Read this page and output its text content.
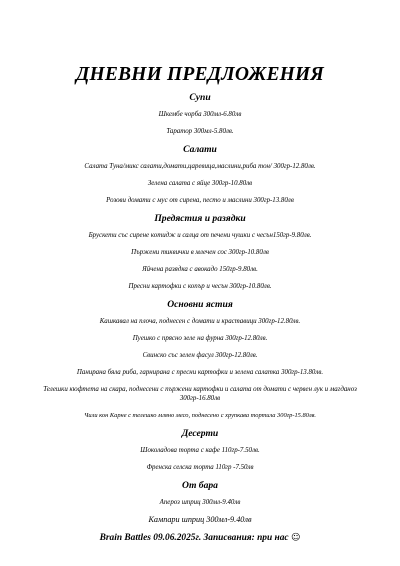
ДНЕВНИ ПРЕДЛОЖЕНИЯ
Супи
Шкембе чорба 300мл-6.80лв
Таратор 300мл-5.80лв.
Салати
Салата Туна/микс салати,домати,царевица,маслини,риба тон/ 300гр-12.80лв.
Зелена салата с яйце 300гр-10.80лв
Розови домати с мус от сирена, песто и маслини 300гр-13.80лв
Предястия и разядки
Брускети със сирене котидж и салца от печени чушки с чесън150гр-9.80лв.
Пържени тиквички в млечен сос 300гр-10.80лв
Яйчена разядка с авокадо 150гр-9.80лв.
Пресни картофки с копър и чесън 300гр-10.80лв.
Основни ястия
Кашкавал на плоча, поднесен с домати и краставици 300гр-12.80лв.
Пуешко с прясно зеле на фурна 300гр-12.80лв.
Свинско със зелен фасул 300гр-12.80лв.
Панирана бяла риба, гарнирана с пресни картофки и зелена салатка 300гр-13.80лв.
Телешки кюфтета на скара, поднесени с пържени картофки и салата от домати с червен лук и магданоз 300гр-16.80лв
Чили кон Карне с телешко мляно месо, поднесено с хрупкава тортила 300гр-15.80лв.
Десерти
Шоколадова торта с кафе 110гр-7.50лв.
Френска селска торта 110гр -7.50лв
От бара
Апероз шприц 300мл-9.40лв
Кампари шприц 300мл-9.40лв
Brain Battles 09.06.2025г. Записвания: при нас ☺
